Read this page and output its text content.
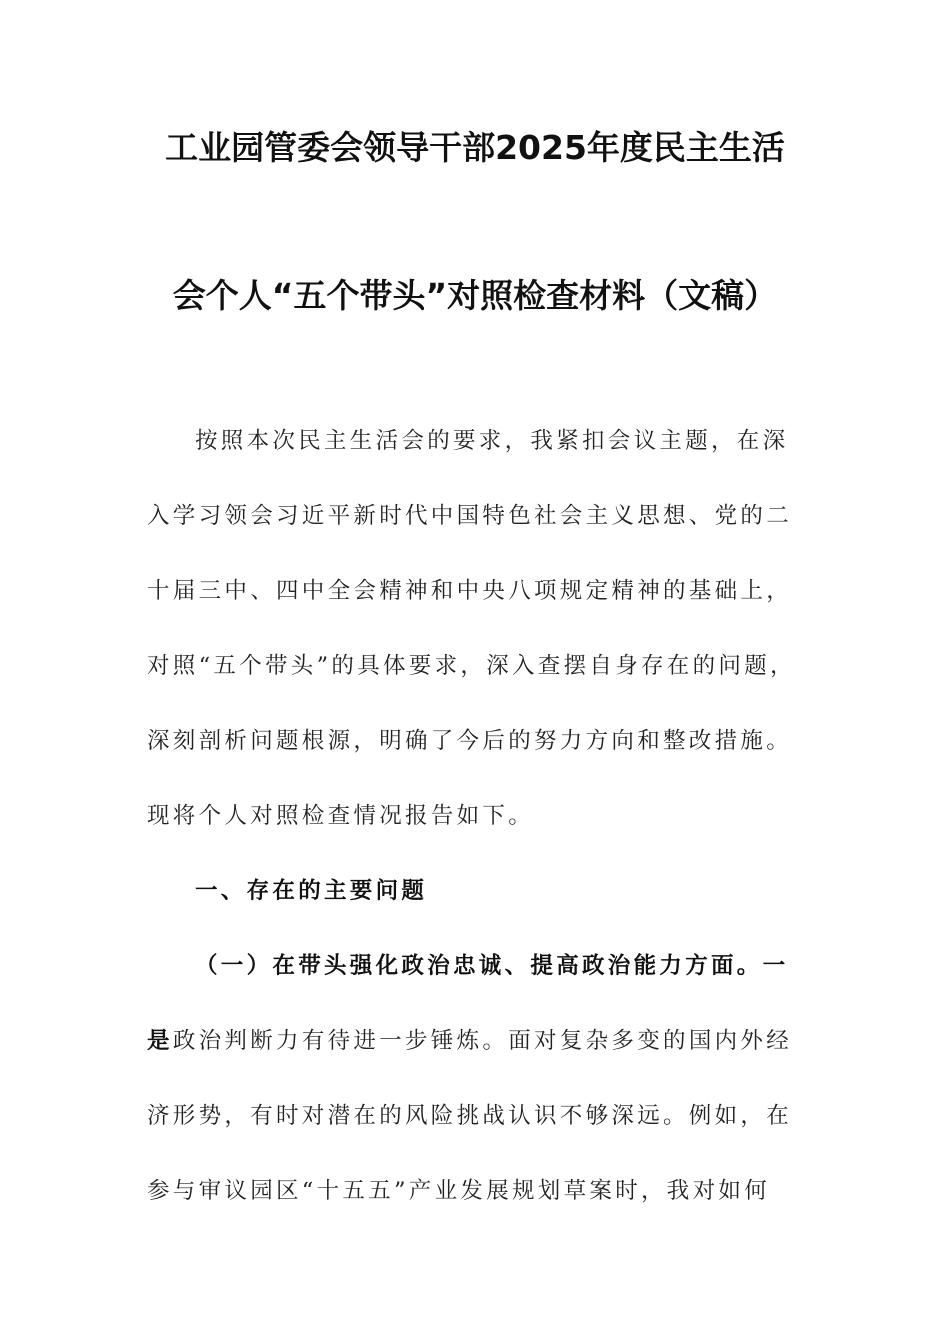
工业园管委会领导干部2025年度民主生活
会个人“五个带头”对照检查材料（文稿）
按照本次民主生活会的要求，我紧扣会议主题，在深
入学习领会习近平新时代中国特色社会主义思想、党的二
十届三中、四中全会精神和中央八项规定精神的基础上，
对照“五个带头”的具体要求，深入查摆自身存在的问题，
深刻剖析问题根源，明确了今后的努力方向和整改措施。
现将个人对照检查情况报告如下。
一、存在的主要问题
（一）在带头强化政治忠诚、提高政治能力方面。一
是政治判断力有待进一步锤炼。面对复杂多变的国内外经
济形势，有时对潜在的风险挑战认识不够深远。例如，在
参与审议园区“十五五”产业发展规划草案时，我对如何
